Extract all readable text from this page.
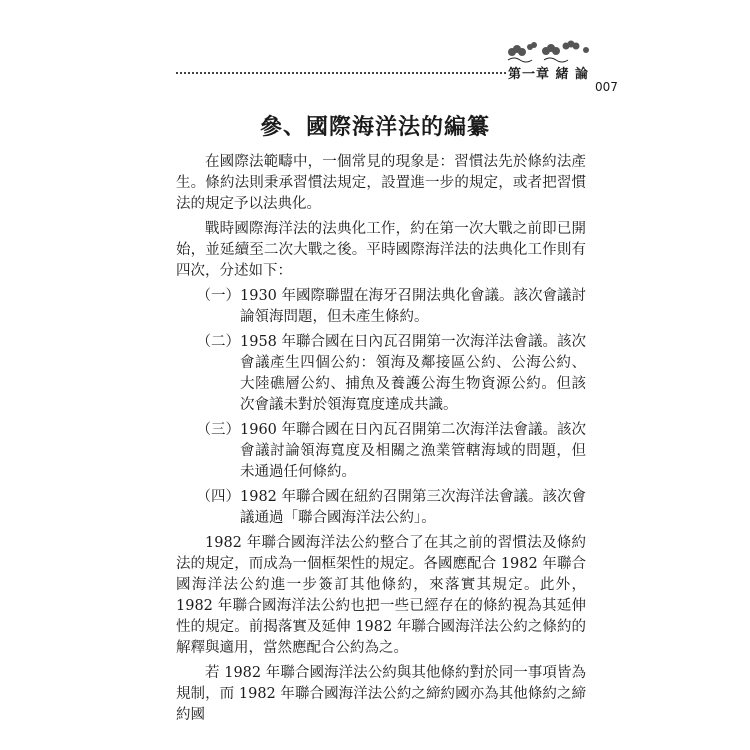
第一章 緒 論
007
參、國際海洋法的編纂

在國際法範疇中，一個常見的現象是：習慣法先於條約法產生。條約法則秉承習慣法規定，設置進一步的規定，或者把習慣法的規定予以法典化。

戰時國際海洋法的法典化工作，約在第一次大戰之前即已開始，並延續至二次大戰之後。平時國際海洋法的法典化工作則有四次，分述如下：

（一） 1930 年國際聯盟在海牙召開法典化會議。該次會議討論領海問題，但未產生條約。
（二） 1958 年聯合國在日內瓦召開第一次海洋法會議。該次會議產生四個公約：領海及鄰接區公約、公海公約、大陸礁層公約、捕魚及養護公海生物資源公約。但該次會議未對於領海寬度達成共識。
（三） 1960 年聯合國在日內瓦召開第二次海洋法會議。該次會議討論領海寬度及相關之漁業管轄海域的問題，但未通過任何條約。
（四） 1982 年聯合國在紐約召開第三次海洋法會議。該次會議通過「聯合國海洋法公約」。

1982 年聯合國海洋法公約整合了在其之前的習慣法及條約法的規定，而成為一個框架性的規定。各國應配合 1982 年聯合國海洋法公約進一步簽訂其他條約，來落實其規定。此外，1982 年聯合國海洋法公約也把一些已經存在的條約視為其延伸性的規定。前揭落實及延伸 1982 年聯合國海洋法公約之條約的解釋與適用，當然應配合公約為之。

若 1982 年聯合國海洋法公約與其他條約對於同一事項皆為規制，而 1982 年聯合國海洋法公約之締約國亦為其他條約之締約國
